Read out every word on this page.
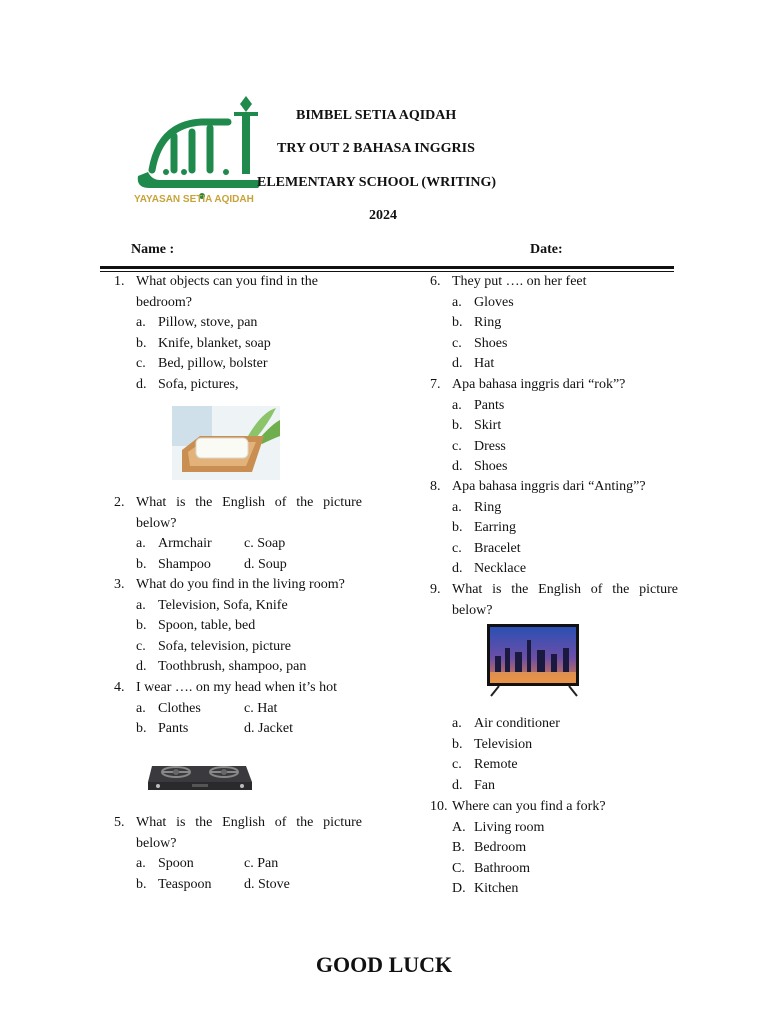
YAYASAN SETIA AQIDAH
BIMBEL SETIA AQIDAH
TRY OUT 2 BAHASA INGGRIS
ELEMENTARY SCHOOL (WRITING)
2024
Name :	Date:
1. What objects can you find in the bedroom?
a. Pillow, stove, pan
b. Knife, blanket, soap
c. Bed, pillow, bolster
d. Sofa, pictures,
2. What is the English of the picture below?
a. Armchair c. Soap
b. Shampoo d. Soup
3. What do you find in the living room?
a. Television, Sofa, Knife
b. Spoon, table, bed
c. Sofa, television, picture
d. Toothbrush, shampoo, pan
4. I wear …. on my head when it’s hot
a. Clothes	c. Hat
b. Pants	d. Jacket
5. What is the English of the picture below?
a. Spoon	c. Pan
b. Teaspoon d. Stove
6. They put …. on her feet
a. Gloves
b. Ring
c. Shoes
d. Hat
7. Apa bahasa inggris dari “rok”?
a. Pants
b. Skirt
c. Dress
d. Shoes
8. Apa bahasa inggris dari “Anting”?
a. Ring
b. Earring
c. Bracelet
d. Necklace
9. What is the English of the picture below?
a. Air conditioner
b. Television
c. Remote
d. Fan
10. Where can you find a fork?
A. Living room
B. Bedroom
C. Bathroom
D. Kitchen
GOOD LUCK
